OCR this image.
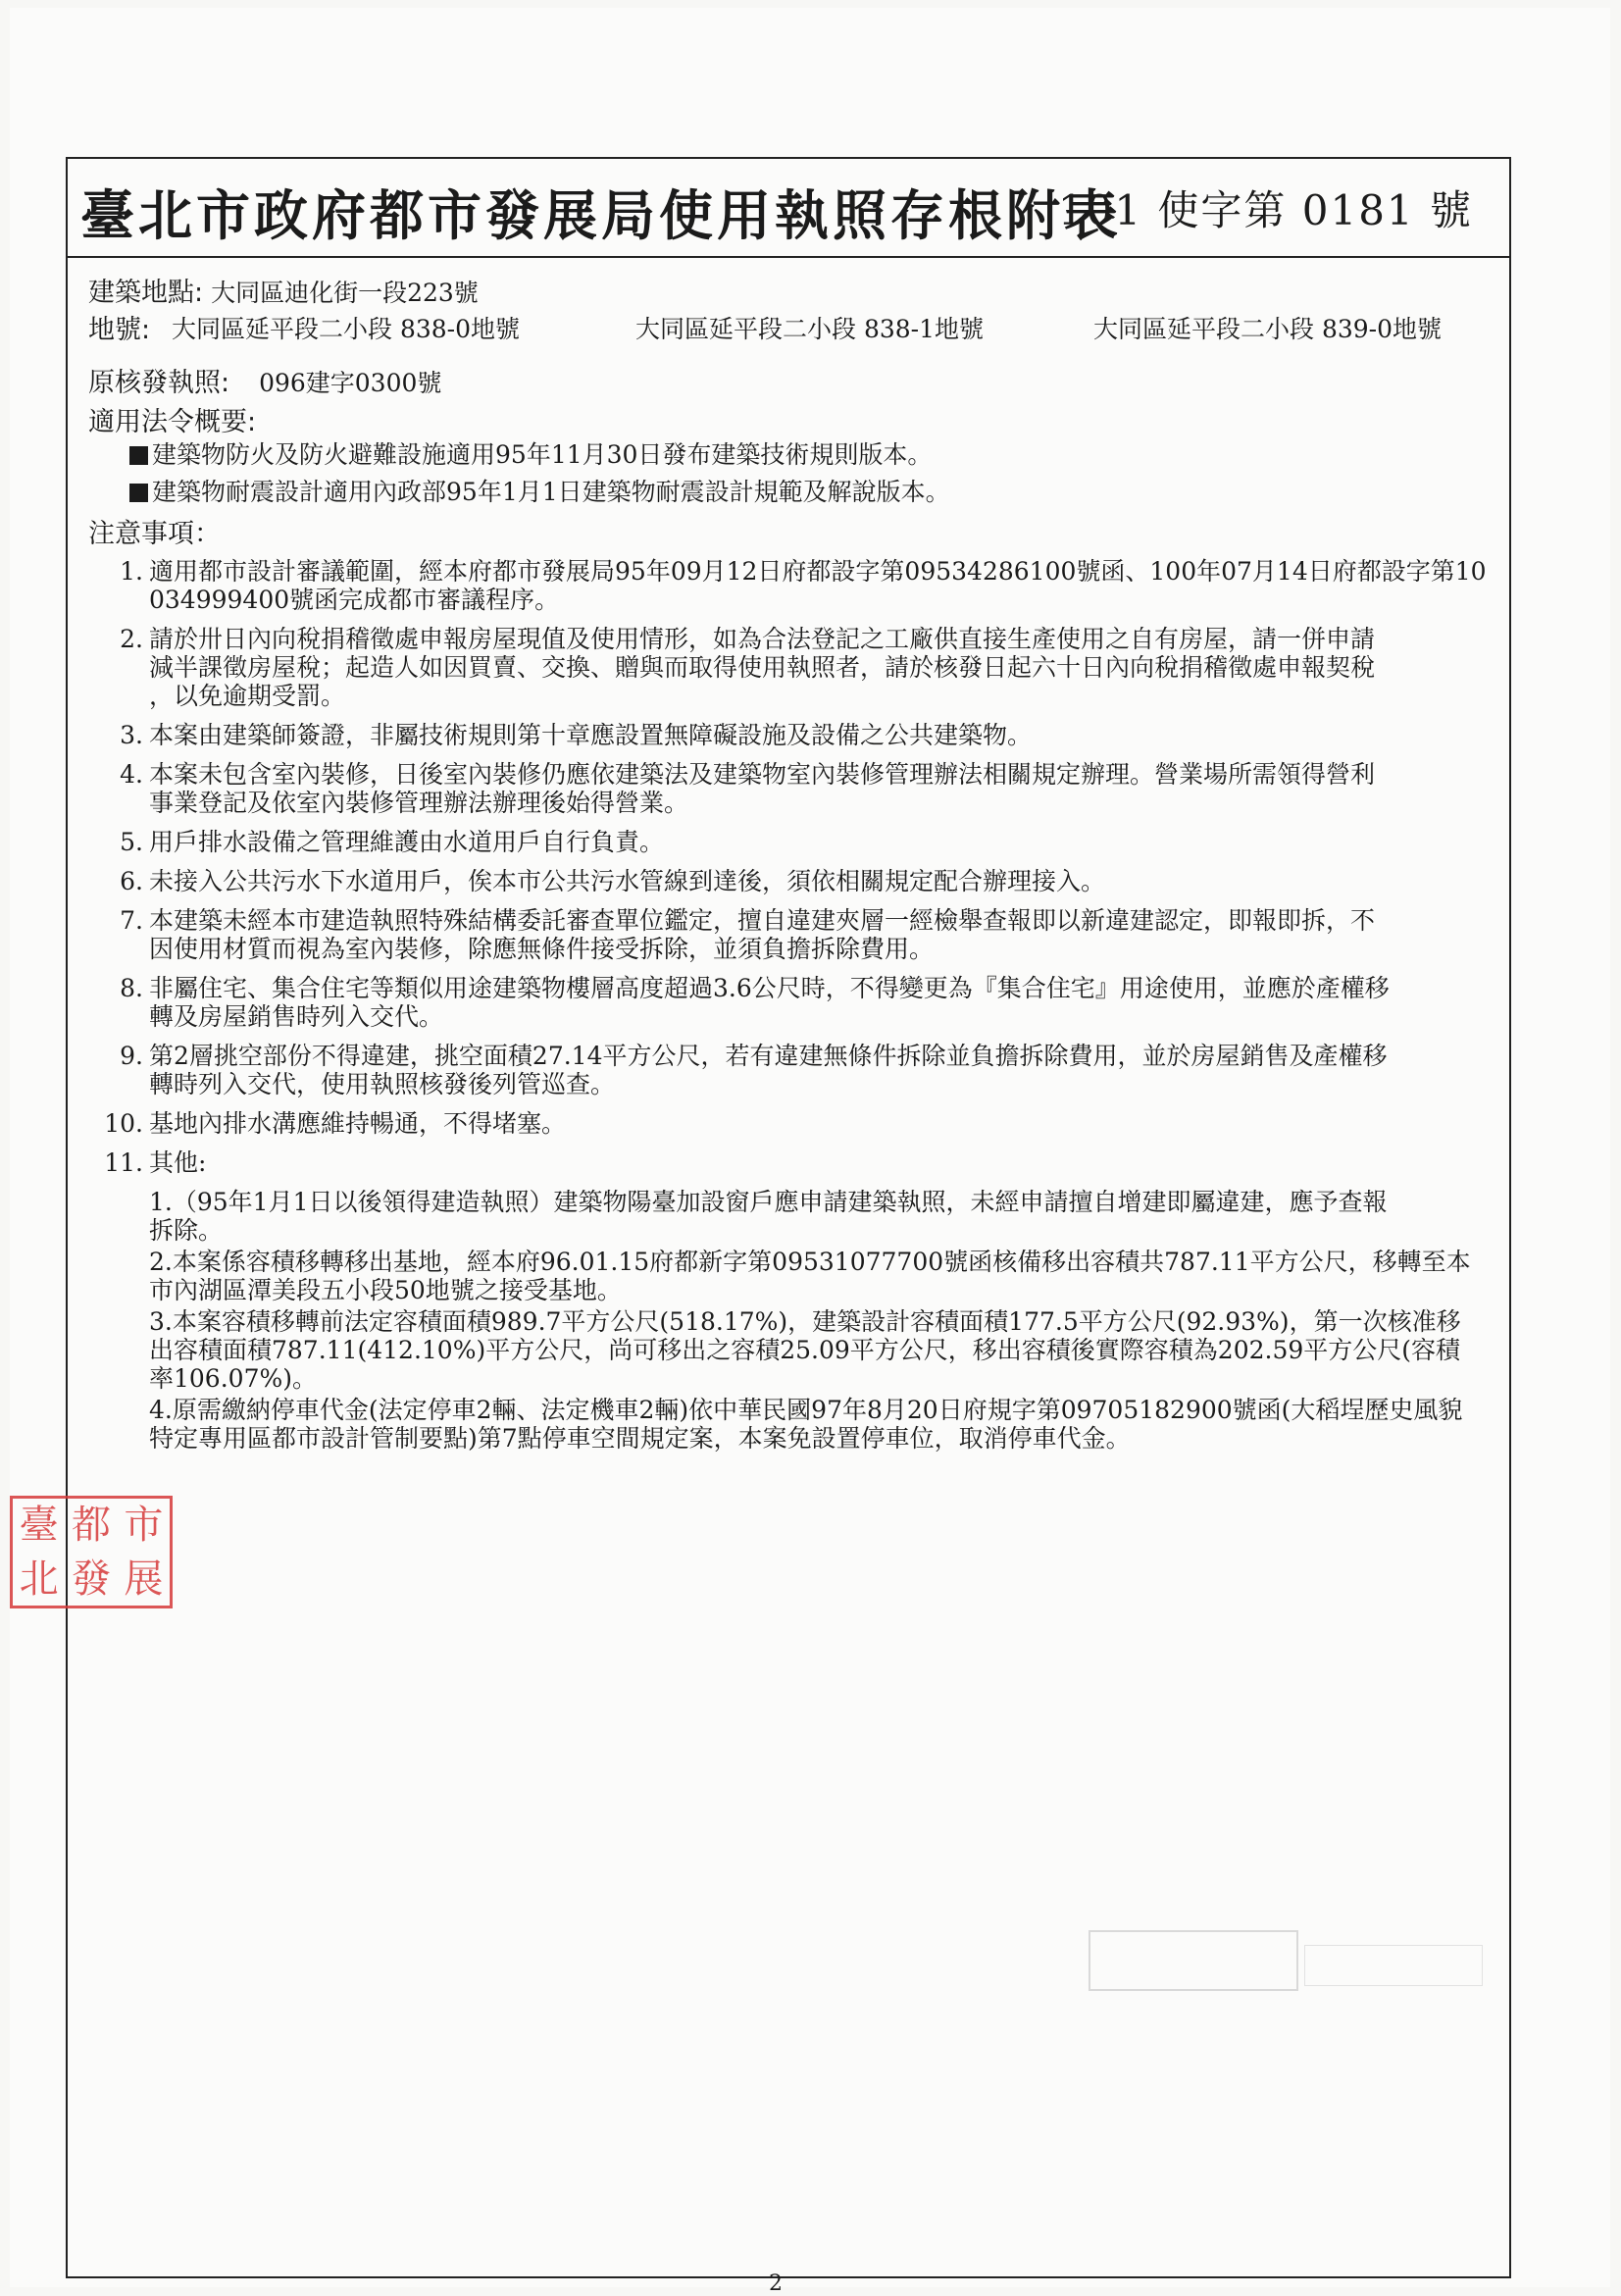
臺北市政府都市發展局使用執照存根附表
101 使字第 0181 號
建築地點: 大同區迪化街一段223號
地號: 大同區延平段二小段 838-0地號	大同區延平段二小段 838-1地號	大同區延平段二小段 839-0地號
原核發執照: 096建字0300號
適用法令概要:
建築物防火及防火避難設施適用95年11月30日發布建築技術規則版本。
建築物耐震設計適用內政部95年1月1日建築物耐震設計規範及解說版本。
注意事項：
1. 適用都市設計審議範圍，經本府都市發展局95年09月12日府都設字第09534286100號函、100年07月14日府都設字第10
034999400號函完成都市審議程序。
2. 請於卅日內向稅捐稽徵處申報房屋現值及使用情形，如為合法登記之工廠供直接生產使用之自有房屋，請一併申請
減半課徵房屋稅；起造人如因買賣、交換、贈與而取得使用執照者，請於核發日起六十日內向稅捐稽徵處申報契稅
，以免逾期受罰。
3. 本案由建築師簽證，非屬技術規則第十章應設置無障礙設施及設備之公共建築物。
4. 本案未包含室內裝修，日後室內裝修仍應依建築法及建築物室內裝修管理辦法相關規定辦理。營業場所需領得營利
事業登記及依室內裝修管理辦法辦理後始得營業。
5. 用戶排水設備之管理維護由水道用戶自行負責。
6. 未接入公共污水下水道用戶，俟本市公共污水管線到達後，須依相關規定配合辦理接入。
7. 本建築未經本市建造執照特殊結構委託審查單位鑑定，擅自違建夾層一經檢舉查報即以新違建認定，即報即拆，不
因使用材質而視為室內裝修，除應無條件接受拆除，並須負擔拆除費用。
8. 非屬住宅、集合住宅等類似用途建築物樓層高度超過3.6公尺時，不得變更為『集合住宅』用途使用，並應於產權移
轉及房屋銷售時列入交代。
9. 第2層挑空部份不得違建，挑空面積27.14平方公尺，若有違建無條件拆除並負擔拆除費用，並於房屋銷售及產權移
轉時列入交代，使用執照核發後列管巡查。
10. 基地內排水溝應維持暢通，不得堵塞。
11. 其他:
1.（95年1月1日以後領得建造執照）建築物陽臺加設窗戶應申請建築執照，未經申請擅自增建即屬違建，應予查報
拆除。
2.本案係容積移轉移出基地，經本府96.01.15府都新字第09531077700號函核備移出容積共787.11平方公尺，移轉至本
市內湖區潭美段五小段50地號之接受基地。
3.本案容積移轉前法定容積面積989.7平方公尺(518.17%)，建築設計容積面積177.5平方公尺(92.93%)，第一次核准移
出容積面積787.11(412.10%)平方公尺，尚可移出之容積25.09平方公尺，移出容積後實際容積為202.59平方公尺(容積
率106.07%)。
4.原需繳納停車代金(法定停車2輛、法定機車2輛)依中華民國97年8月20日府規字第09705182900號函(大稻埕歷史風貌
特定專用區都市設計管制要點)第7點停車空間規定案，本案免設置停車位，取消停車代金。
臺 都 市
北 發 展
2
